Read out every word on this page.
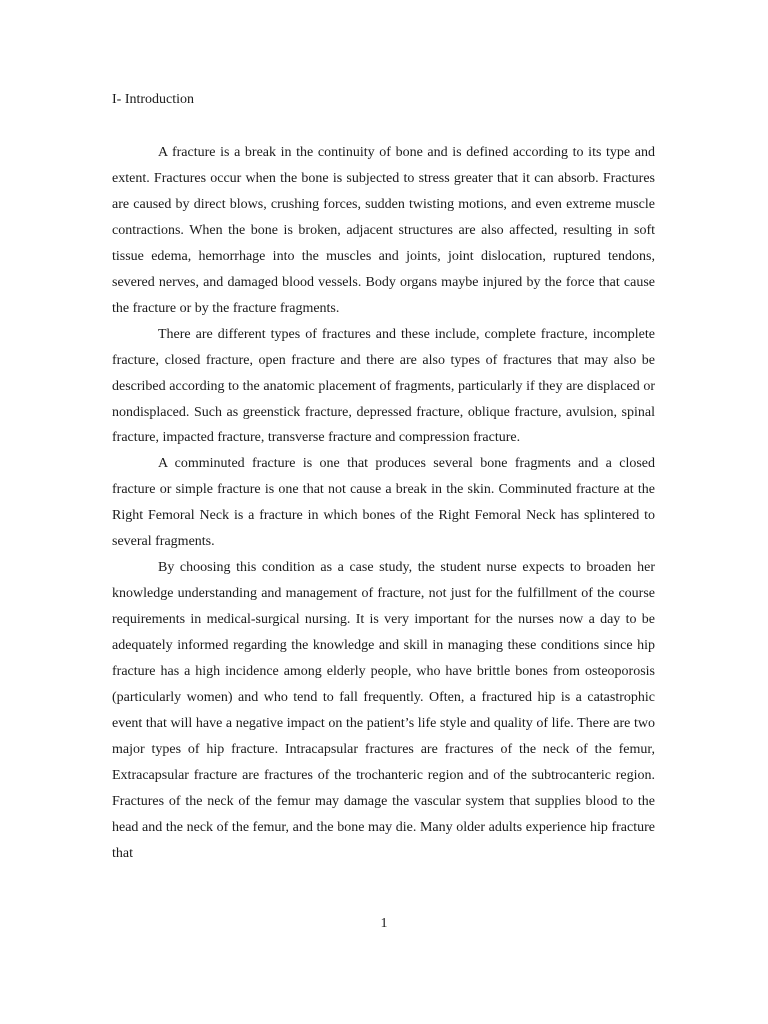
I- Introduction

A fracture is a break in the continuity of bone and is defined according to its type and extent. Fractures occur when the bone is subjected to stress greater that it can absorb. Fractures are caused by direct blows, crushing forces, sudden twisting motions, and even extreme muscle contractions. When the bone is broken, adjacent structures are also affected, resulting in soft tissue edema, hemorrhage into the muscles and joints, joint dislocation, ruptured tendons, severed nerves, and damaged blood vessels. Body organs maybe injured by the force that cause the fracture or by the fracture fragments.

There are different types of fractures and these include, complete fracture, incomplete fracture, closed fracture, open fracture and there are also types of fractures that may also be described according to the anatomic placement of fragments, particularly if they are displaced or nondisplaced. Such as greenstick fracture, depressed fracture, oblique fracture, avulsion, spinal fracture, impacted fracture, transverse fracture and compression fracture.

A comminuted fracture is one that produces several bone fragments and a closed fracture or simple fracture is one that not cause a break in the skin. Comminuted fracture at the Right Femoral Neck is a fracture in which bones of the Right Femoral Neck has splintered to several fragments.

By choosing this condition as a case study, the student nurse expects to broaden her knowledge understanding and management of fracture, not just for the fulfillment of the course requirements in medical-surgical nursing. It is very important for the nurses now a day to be adequately informed regarding the knowledge and skill in managing these conditions since hip fracture has a high incidence among elderly people, who have brittle bones from osteoporosis (particularly women) and who tend to fall frequently. Often, a fractured hip is a catastrophic event that will have a negative impact on the patient’s life style and quality of life. There are two major types of hip fracture. Intracapsular fractures are fractures of the neck of the femur, Extracapsular fracture are fractures of the trochanteric region and of the subtrocanteric region. Fractures of the neck of the femur may damage the vascular system that supplies blood to the head and the neck of the femur, and the bone may die. Many older adults experience hip fracture that

1
